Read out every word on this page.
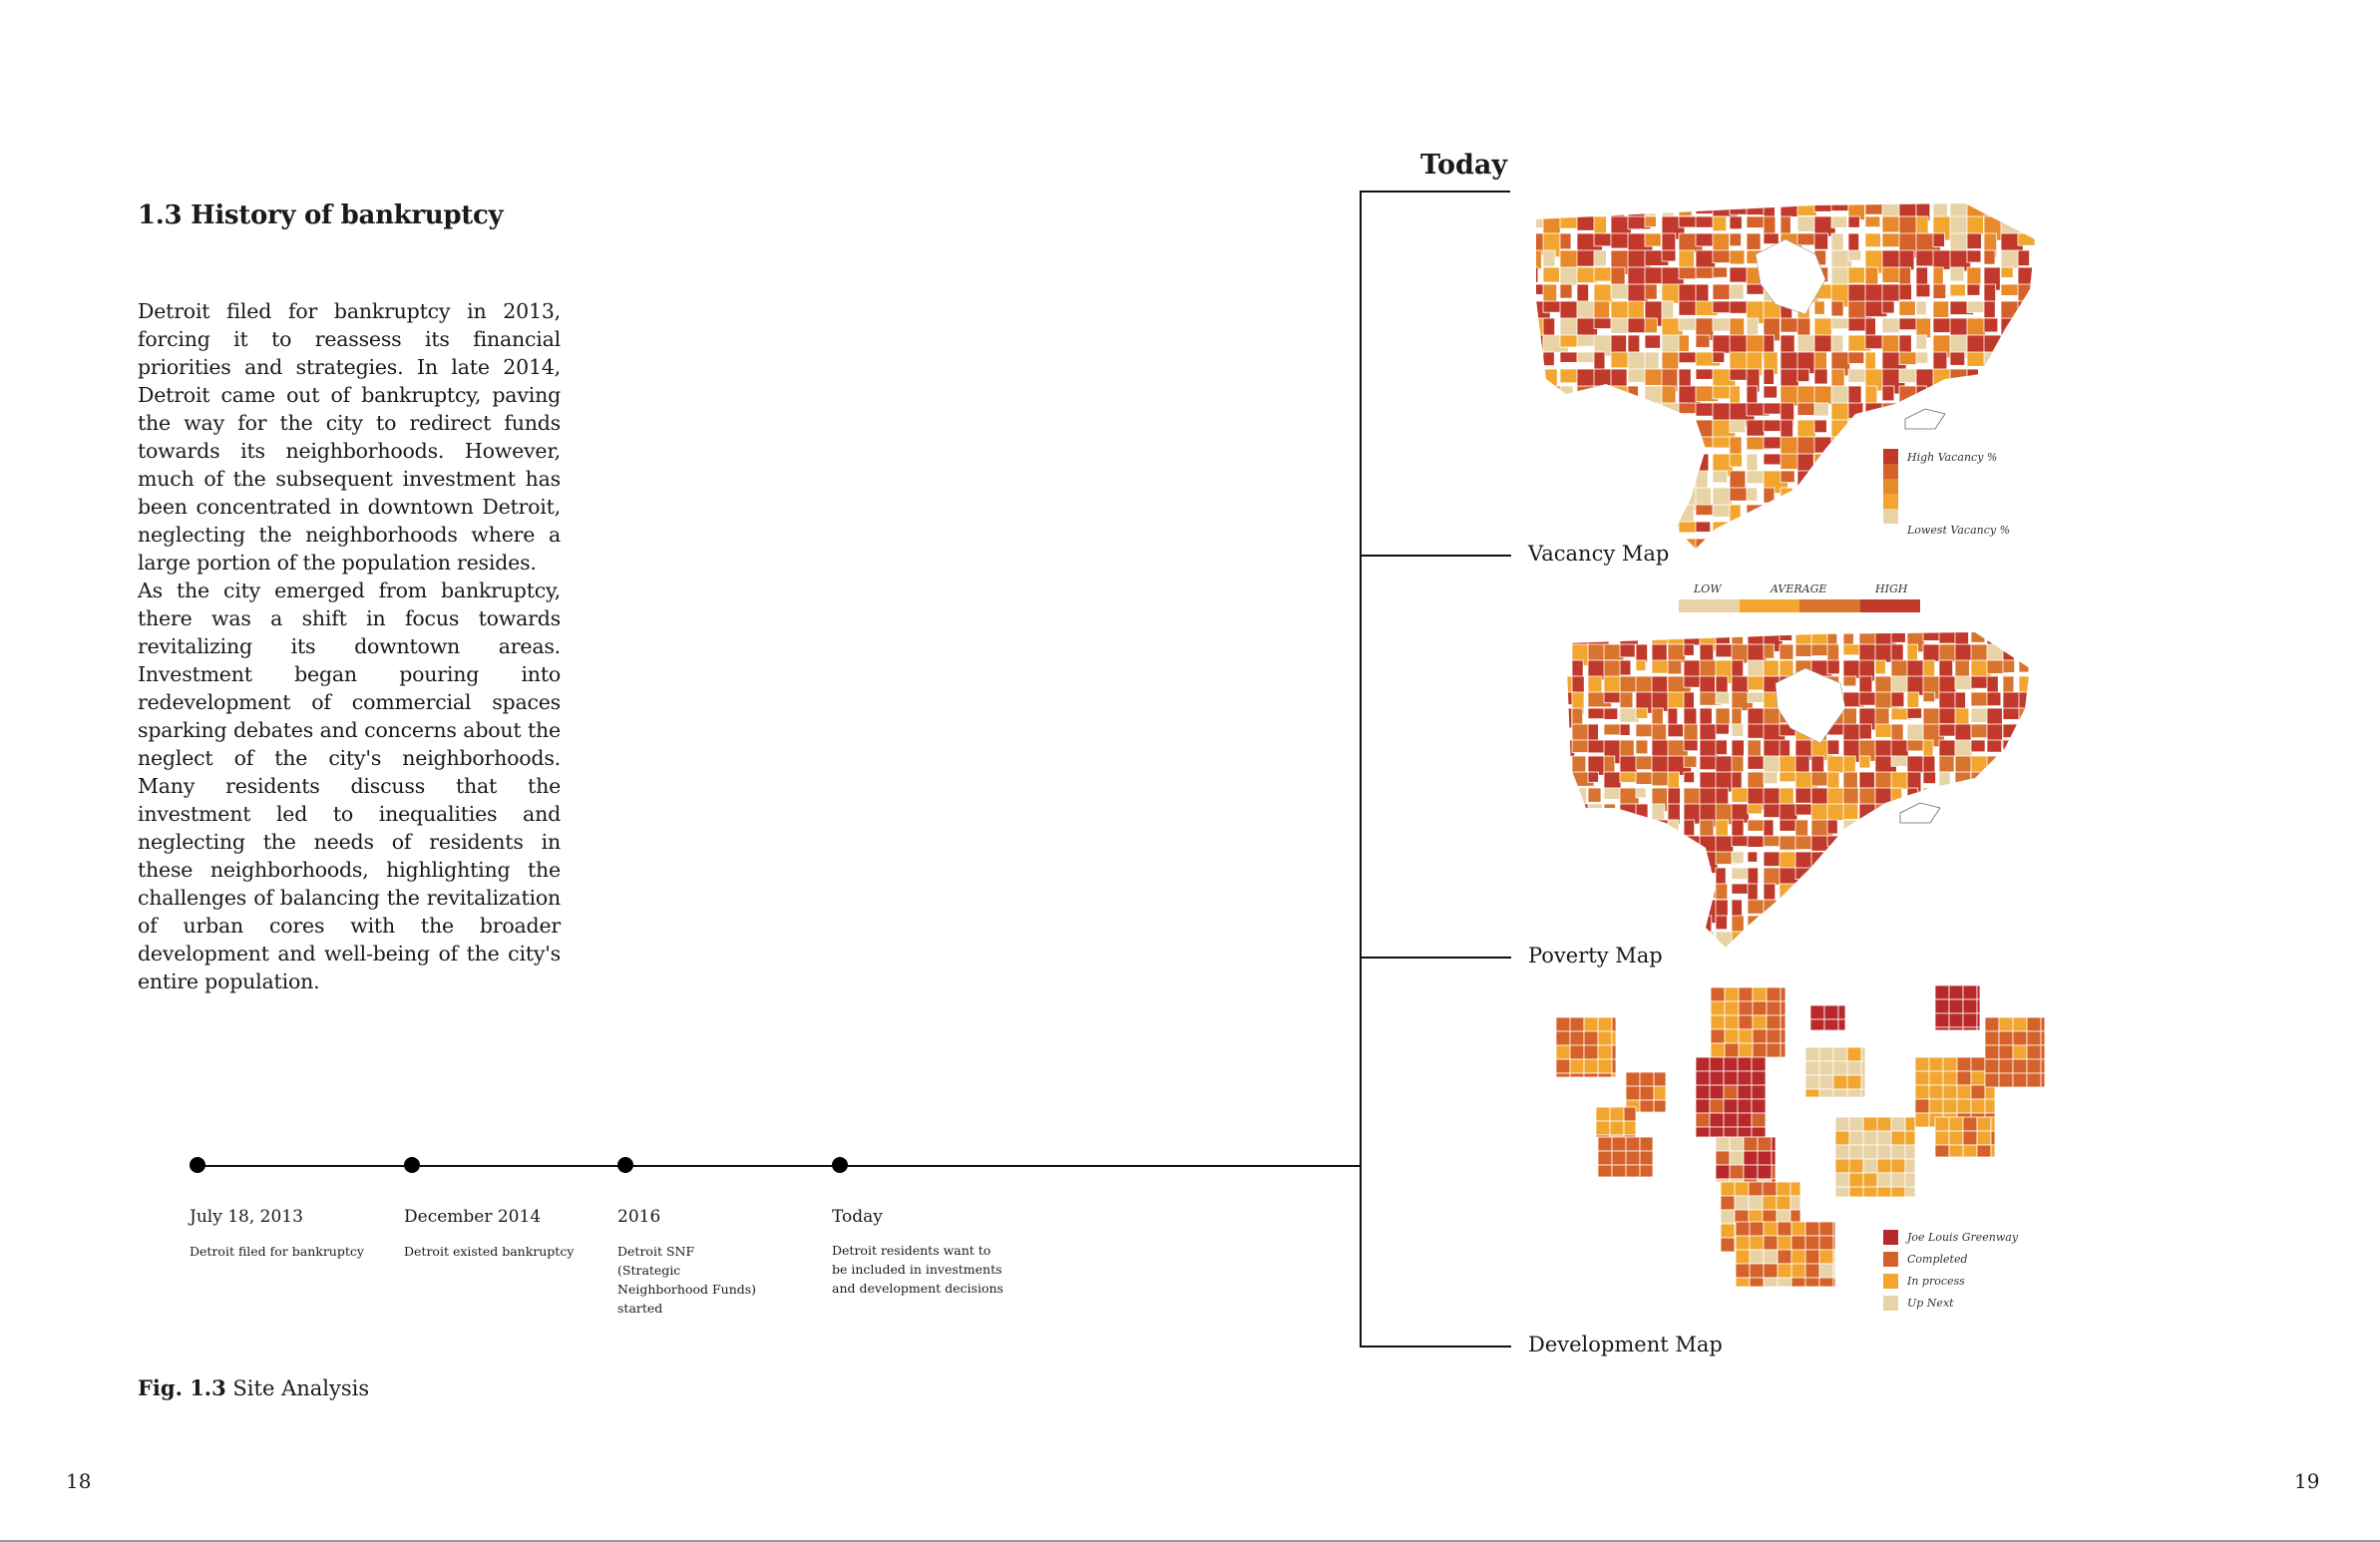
1.3 History of bankruptcy
Detroit filed for bankruptcy in 2013, forcing it to reassess its financial priorities and strategies. In late 2014, Detroit came out of bankruptcy, paving the way for the city to redirect funds towards its neighborhoods. However, much of the subsequent investment has been concentrated in downtown Detroit, neglecting the neighborhoods where a large portion of the population resides.
As the city emerged from bankruptcy, there was a shift in focus towards revitalizing its downtown areas. Investment began pouring into redevelopment of commercial spaces sparking debates and concerns about the neglect of the city's neighborhoods. Many residents discuss that the investment led to inequalities and neglecting the needs of residents in these neighborhoods, highlighting the challenges of balancing the revitalization of urban cores with the broader development and well-being of the city's entire population.
July 18, 2013
Detroit filed for bankruptcy
December 2014
Detroit existed bankruptcy
2016
Detroit SNF (Strategic Neighborhood Funds) started
Today
Detroit residents want to be included in investments and development decisions
Fig. 1.3 Site Analysis
18	19
Today
Vacancy Map
Poverty Map
Development Map
High Vacancy %
Lowest Vacancy %
LOW	AVERAGE	HIGH
Joe Louis Greenway
Completed
In process
Up Next
